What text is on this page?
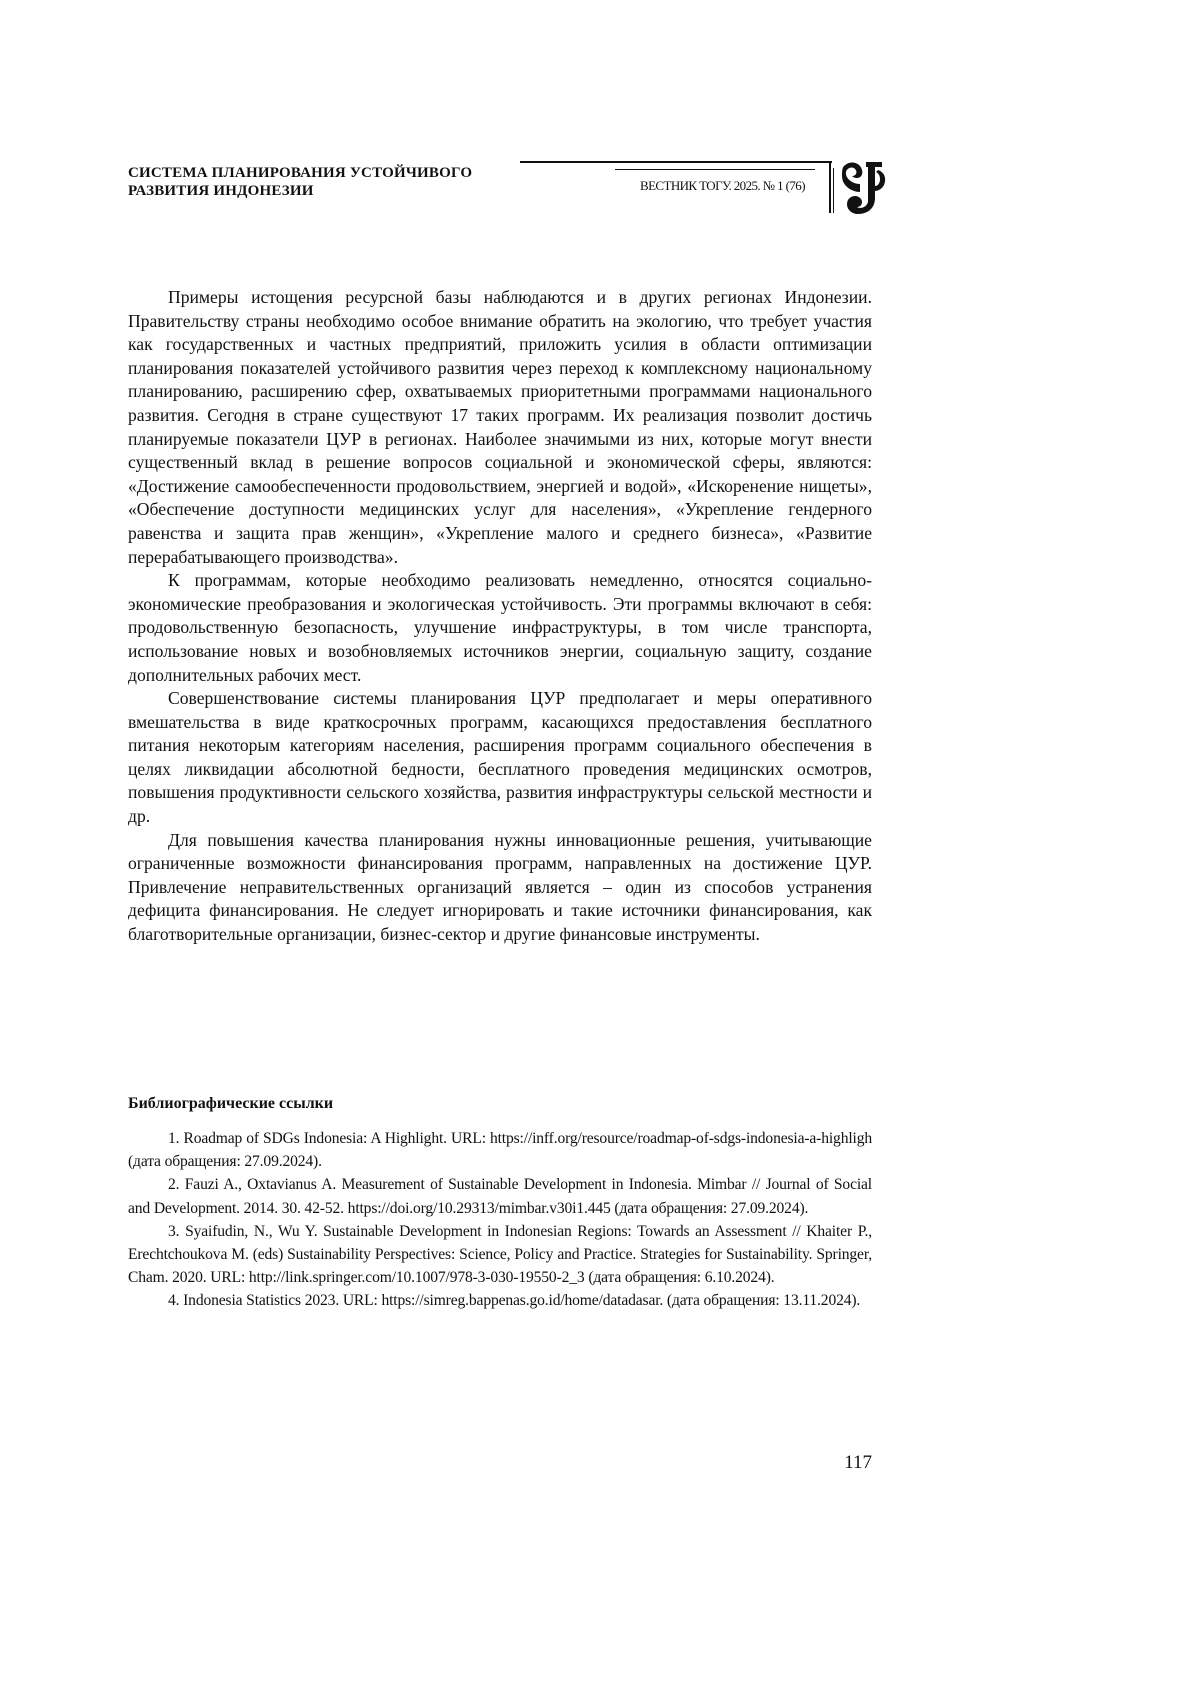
СИСТЕМА ПЛАНИРОВАНИЯ УСТОЙЧИВОГО
РАЗВИТИЯ ИНДОНЕЗИИ	ВЕСТНИК ТОГУ. 2025. № 1 (76)

Примеры истощения ресурсной базы наблюдаются и в других регионах Индонезии. Правительству страны необходимо особое внимание обратить на экологию, что требует участия как государственных и частных предприятий, приложить усилия в области оптимизации планирования показателей устойчивого развития через переход к комплексному национальному планированию, расширению сфер, охватываемых приоритетными программами национального развития. Сегодня в стране существуют 17 таких программ. Их реализация позволит достичь планируемые показатели ЦУР в регионах. Наиболее значимыми из них, которые могут внести существенный вклад в решение вопросов социальной и экономической сферы, являются: «Достижение самообеспеченности продовольствием, энергией и водой», «Искоренение нищеты», «Обеспечение доступности медицинских услуг для населения», «Укрепление гендерного равенства и защита прав женщин», «Укрепление малого и среднего бизнеса», «Развитие перерабатывающего производства».

К программам, которые необходимо реализовать немедленно, относятся социально-экономические преобразования и экологическая устойчивость. Эти программы включают в себя: продовольственную безопасность, улучшение инфраструктуры, в том числе транспорта, использование новых и возобновляемых источников энергии, социальную защиту, создание дополнительных рабочих мест.

Совершенствование системы планирования ЦУР предполагает и меры оперативного вмешательства в виде краткосрочных программ, касающихся предоставления бесплатного питания некоторым категориям населения, расширения программ социального обеспечения в целях ликвидации абсолютной бедности, бесплатного проведения медицинских осмотров, повышения продуктивности сельского хозяйства, развития инфраструктуры сельской местности и др.

Для повышения качества планирования нужны инновационные решения, учитывающие ограниченные возможности финансирования программ, направленных на достижение ЦУР. Привлечение неправительственных организаций является – один из способов устранения дефицита финансирования. Не следует игнорировать и такие источники финансирования, как благотворительные организации, бизнес-сектор и другие финансовые инструменты.

Библиографические ссылки

1. Roadmap of SDGs Indonesia: A Highlight. URL: https://inff.org/resource/roadmap-of-sdgs-indonesia-a-highligh (дата обращения: 27.09.2024).

2. Fauzi A., Oxtavianus A. Measurement of Sustainable Development in Indonesia. Mimbar // Journal of Social and Development. 2014. 30. 42-52. https://doi.org/10.29313/mimbar.v30i1.445 (дата обращения: 27.09.2024).

3. Syaifudin, N., Wu Y. Sustainable Development in Indonesian Regions: Towards an Assessment // Khaiter P., Erechtchoukova M. (eds) Sustainability Perspectives: Science, Policy and Practice. Strategies for Sustainability. Springer, Cham. 2020. URL: http://link.springer.com/10.1007/978-3-030-19550-2_3 (дата обращения: 6.10.2024).

4. Indonesia Statistics 2023. URL: https://simreg.bappenas.go.id/home/datadasar. (дата обращения: 13.11.2024).

117
